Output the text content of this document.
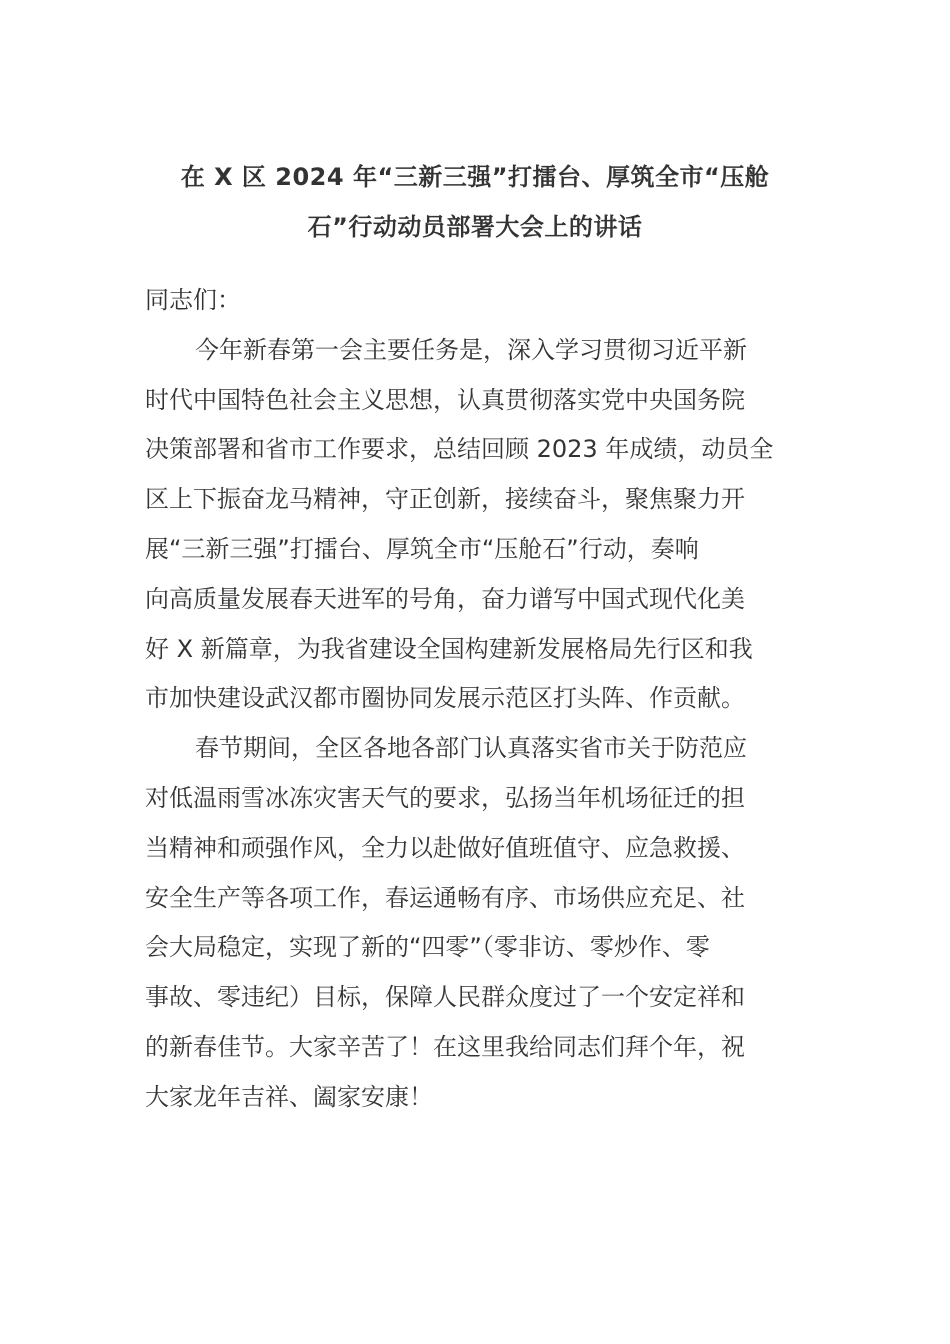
在 X 区 2024 年“三新三强”打擂台、厚筑全市“压舱
石”行动动员部署大会上的讲话

同志们：

今年新春第一会主要任务是，深入学习贯彻习近平新
时代中国特色社会主义思想，认真贯彻落实党中央国务院
决策部署和省市工作要求，总结回顾 2023 年成绩，动员全
区上下振奋龙马精神，守正创新，接续奋斗，聚焦聚力开
展“三新三强”打擂台、厚筑全市“压舱石”行动，奏响
向高质量发展春天进军的号角，奋力谱写中国式现代化美
好 X 新篇章，为我省建设全国构建新发展格局先行区和我
市加快建设武汉都市圈协同发展示范区打头阵、作贡献。

春节期间，全区各地各部门认真落实省市关于防范应
对低温雨雪冰冻灾害天气的要求，弘扬当年机场征迁的担
当精神和顽强作风，全力以赴做好值班值守、应急救援、
安全生产等各项工作，春运通畅有序、市场供应充足、社
会大局稳定，实现了新的“四零”（零非访、零炒作、零
事故、零违纪）目标，保障人民群众度过了一个安定祥和
的新春佳节。大家辛苦了！在这里我给同志们拜个年，祝
大家龙年吉祥、阖家安康！
